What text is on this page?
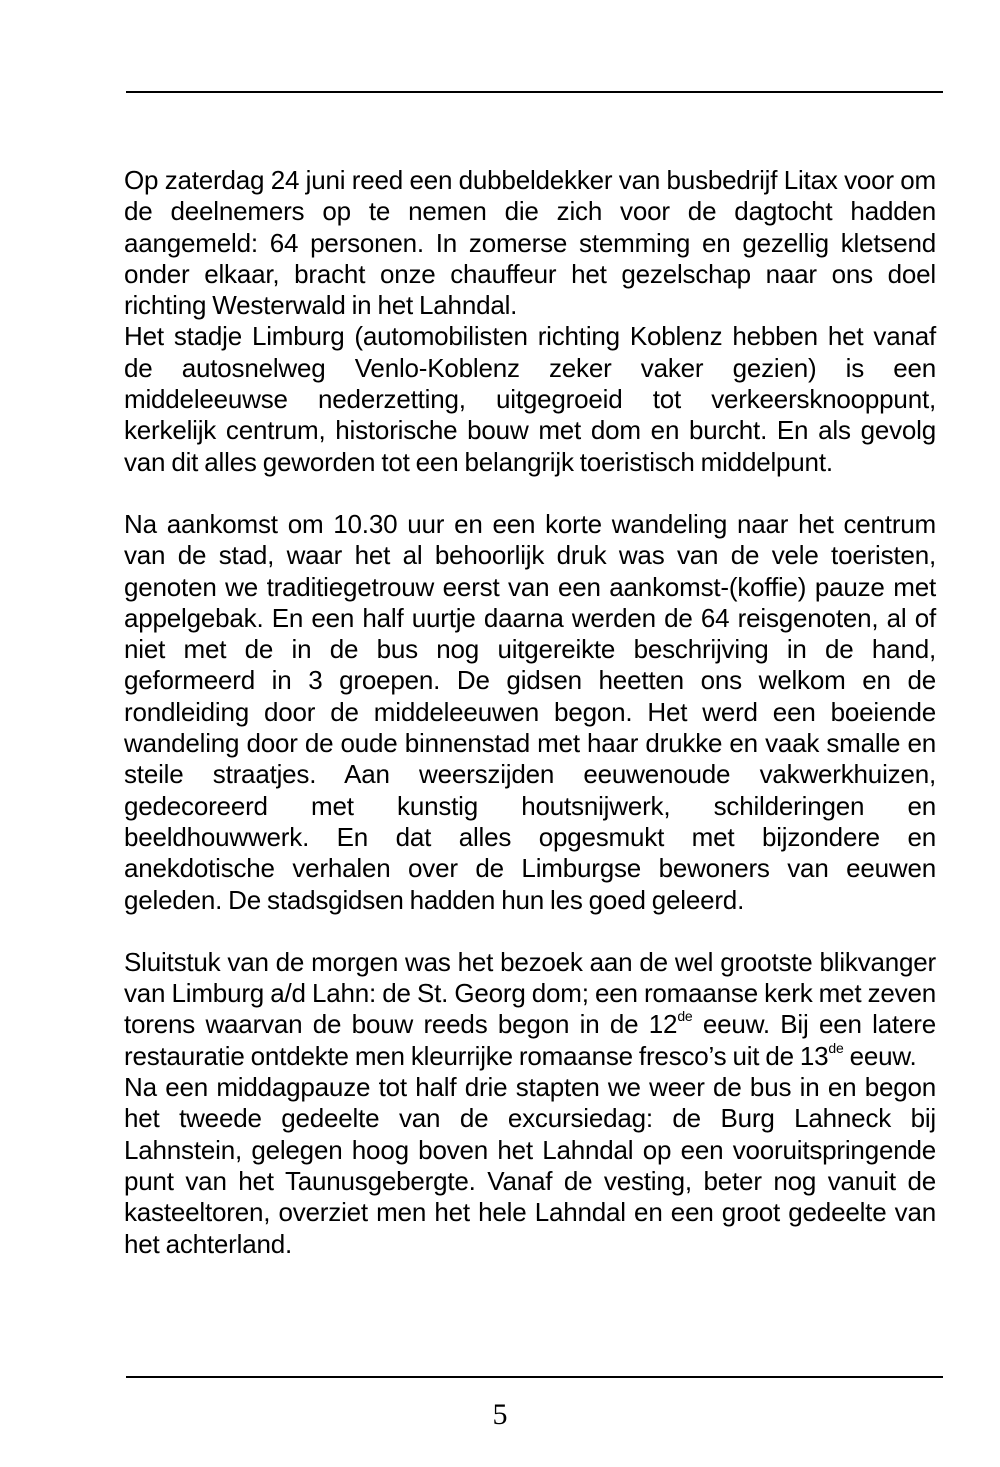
Op zaterdag 24 juni reed een dubbeldekker van busbedrijf Litax voor om de deelnemers op te nemen die zich voor de dagtocht hadden aangemeld: 64 personen. In zomerse stemming en gezellig kletsend onder elkaar, bracht onze chauffeur het gezelschap naar ons doel richting Westerwald in het Lahndal.

Het stadje Limburg (automobilisten richting Koblenz hebben het vanaf de autosnelweg Venlo-Koblenz zeker vaker gezien) is een middeleeuwse nederzetting, uitgegroeid tot verkeersknooppunt, kerkelijk centrum, historische bouw met dom en burcht. En als gevolg van dit alles geworden tot een belangrijk toeristisch middelpunt.

Na aankomst om 10.30 uur en een korte wandeling naar het centrum van de stad, waar het al behoorlijk druk was van de vele toeristen, genoten we traditiegetrouw eerst van een aankomst-(koffie) pauze met appelgebak. En een half uurtje daarna werden de 64 reisgenoten, al of niet met de in de bus nog uitgereikte beschrijving in de hand, geformeerd in 3 groepen. De gidsen heetten ons welkom en de rondleiding door de middeleeuwen begon. Het werd een boeiende wandeling door de oude binnenstad met haar drukke en vaak smalle en steile straatjes. Aan weerszijden eeuwenoude vakwerkhuizen, gedecoreerd met kunstig houtsnijwerk, schilderingen en beeldhouwwerk. En dat alles opgesmukt met bijzondere en anekdotische verhalen over de Limburgse bewoners van eeuwen geleden. De stadsgidsen hadden hun les goed geleerd.

Sluitstuk van de morgen was het bezoek aan de wel grootste blikvanger van Limburg a/d Lahn: de St. Georg dom; een romaanse kerk met zeven torens waarvan de bouw reeds begon in de 12de eeuw. Bij een latere restauratie ontdekte men kleurrijke romaanse fresco’s uit de 13de eeuw.

Na een middagpauze tot half drie stapten we weer de bus in en begon het tweede gedeelte van de excursiedag: de Burg Lahneck bij Lahnstein, gelegen hoog boven het Lahndal op een vooruitspringende punt van het Taunusgebergte. Vanaf de vesting, beter nog vanuit de kasteeltoren, overziet men het hele Lahndal en een groot gedeelte van het achterland.

5
